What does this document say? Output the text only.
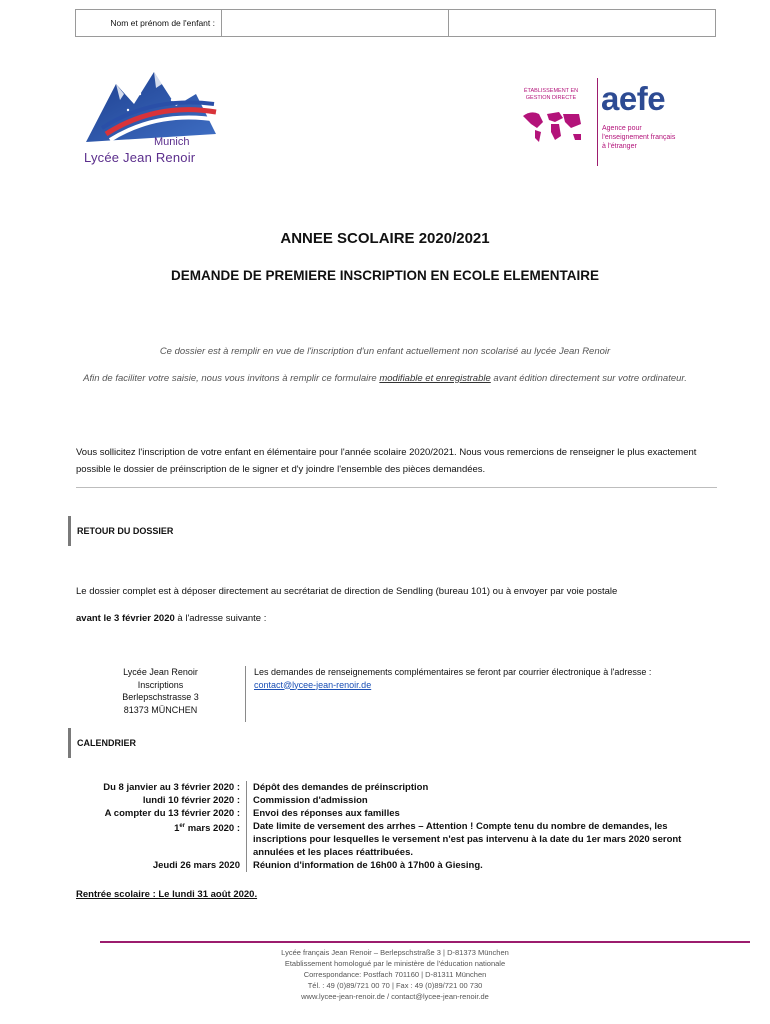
Nom et prénom de l'enfant :
Munich
Lycée Jean Renoir
ÉTABLISSEMENT EN GESTION DIRECTE aefe
Agence pour
l'enseignement français
à l'étranger
ANNEE SCOLAIRE 2020/2021
DEMANDE DE PREMIERE INSCRIPTION EN ECOLE ELEMENTAIRE
Ce dossier est à remplir en vue de l'inscription d'un enfant actuellement non scolarisé au lycée Jean Renoir
Afin de faciliter votre saisie, nous vous invitons à remplir ce formulaire modifiable et enregistrable avant édition directement sur votre ordinateur.
Vous sollicitez l'inscription de votre enfant en élémentaire pour l'année scolaire 2020/2021. Nous vous remercions de renseigner le plus exactement possible le dossier de préinscription de le signer et d'y joindre l'ensemble des pièces demandées.
RETOUR DU DOSSIER
Le dossier complet est à déposer directement au secrétariat de direction de Sendling (bureau 101) ou à envoyer par voie postale
avant le 3 février 2020 à l'adresse suivante :
Lycée Jean Renoir
Inscriptions
Berlepschstrasse 3
81373 MÜNCHEN
Les demandes de renseignements complémentaires se feront par courrier électronique à l'adresse :
contact@lycee-jean-renoir.de
CALENDRIER
Du 8 janvier au 3 février 2020 :	Dépôt des demandes de préinscription
lundi 10 février 2020 :	Commission d'admission
A compter du 13 février 2020 :	Envoi des réponses aux familles
1er mars 2020 :	Date limite de versement des arrhes – Attention ! Compte tenu du nombre de demandes, les inscriptions pour lesquelles le versement n'est pas intervenu à la date du 1er mars 2020 seront annulées et les places réattribuées.
Jeudi 26 mars 2020	Réunion d'information de 16h00 à 17h00 à Giesing.
Rentrée scolaire : Le lundi 31 août 2020.
Lycée français Jean Renoir – Berlepschstraße 3 | D-81373 München
Etablissement homologué par le ministère de l'éducation nationale
Correspondance: Postfach 701160 | D-81311 München
Tél. : 49 (0)89/721 00 70 | Fax : 49 (0)89/721 00 730
www.lycee-jean-renoir.de / contact@lycee-jean-renoir.de
